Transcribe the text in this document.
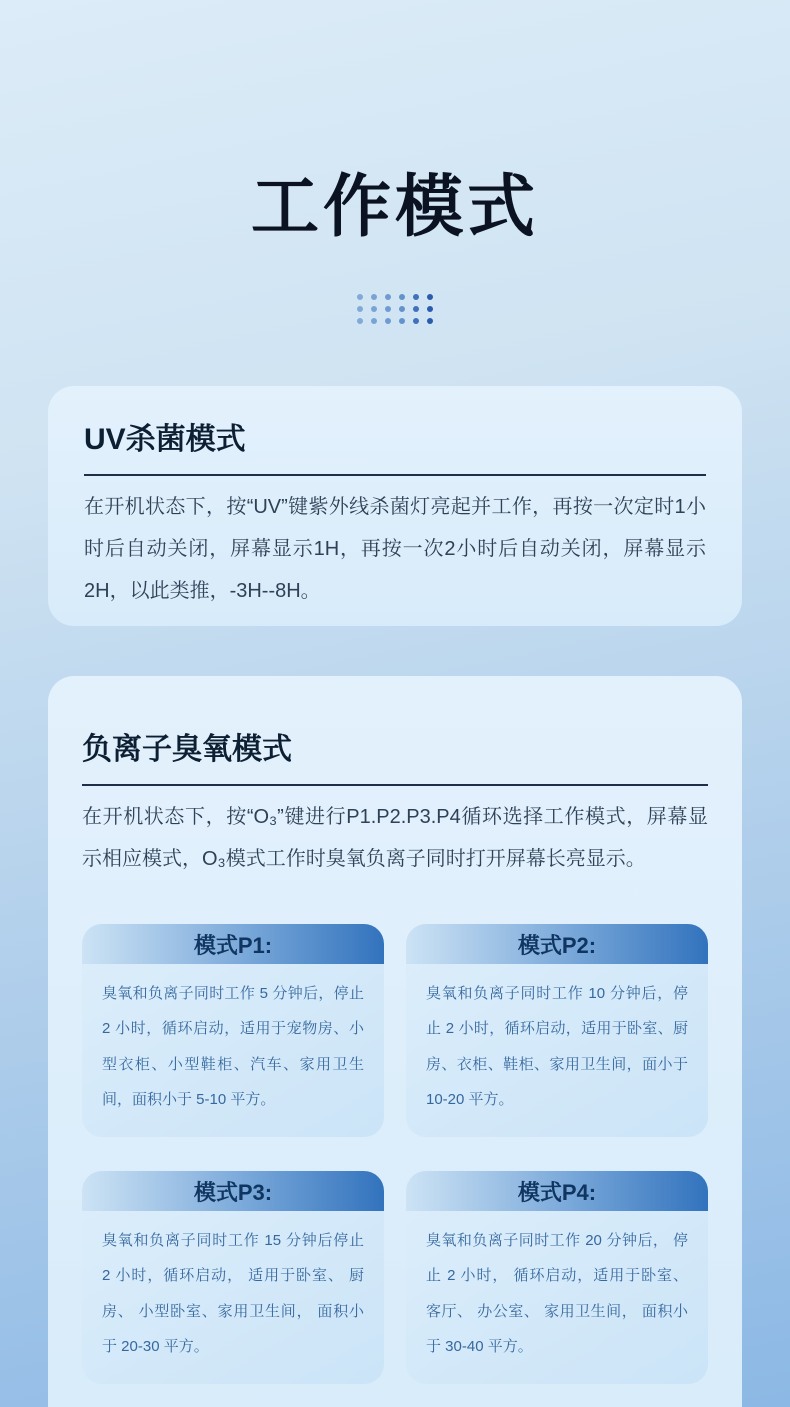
工作模式
UV杀菌模式

在开机状态下，按“UV”键紫外线杀菌灯亮起并工作，再按一次定时1小时后自动关闭，屏幕显示1H，再按一次2小时后自动关闭，屏幕显示2H，以此类推，-3H--8H。

负离子臭氧模式

在开机状态下，按“O₃”键进行P1.P2.P3.P4循环选择工作模式，屏幕显示相应模式，O₃模式工作时臭氧负离子同时打开屏幕长亮显示。

模式P1:

臭氧和负离子同时工作 5 分钟后，停止 2 小时，循环启动，适用于宠物房、小型衣柜、小型鞋柜、汽车、家用卫生间，面积小于 5-10 平方。

模式P2:

臭氧和负离子同时工作 10 分钟后，停止 2 小时，循环启动，适用于卧室、厨房、衣柜、鞋柜、家用卫生间，面小于 10-20 平方。

模式P3:

臭氧和负离子同时工作 15 分钟后停止 2 小时，循环启动， 适用于卧室、 厨房、 小型卧室、家用卫生间， 面积小于 20-30 平方。

模式P4:

臭氧和负离子同时工作 20 分钟后， 停止 2 小时， 循环启动，适用于卧室、 客厅、 办公室、 家用卫生间， 面积小于 30-40 平方。
